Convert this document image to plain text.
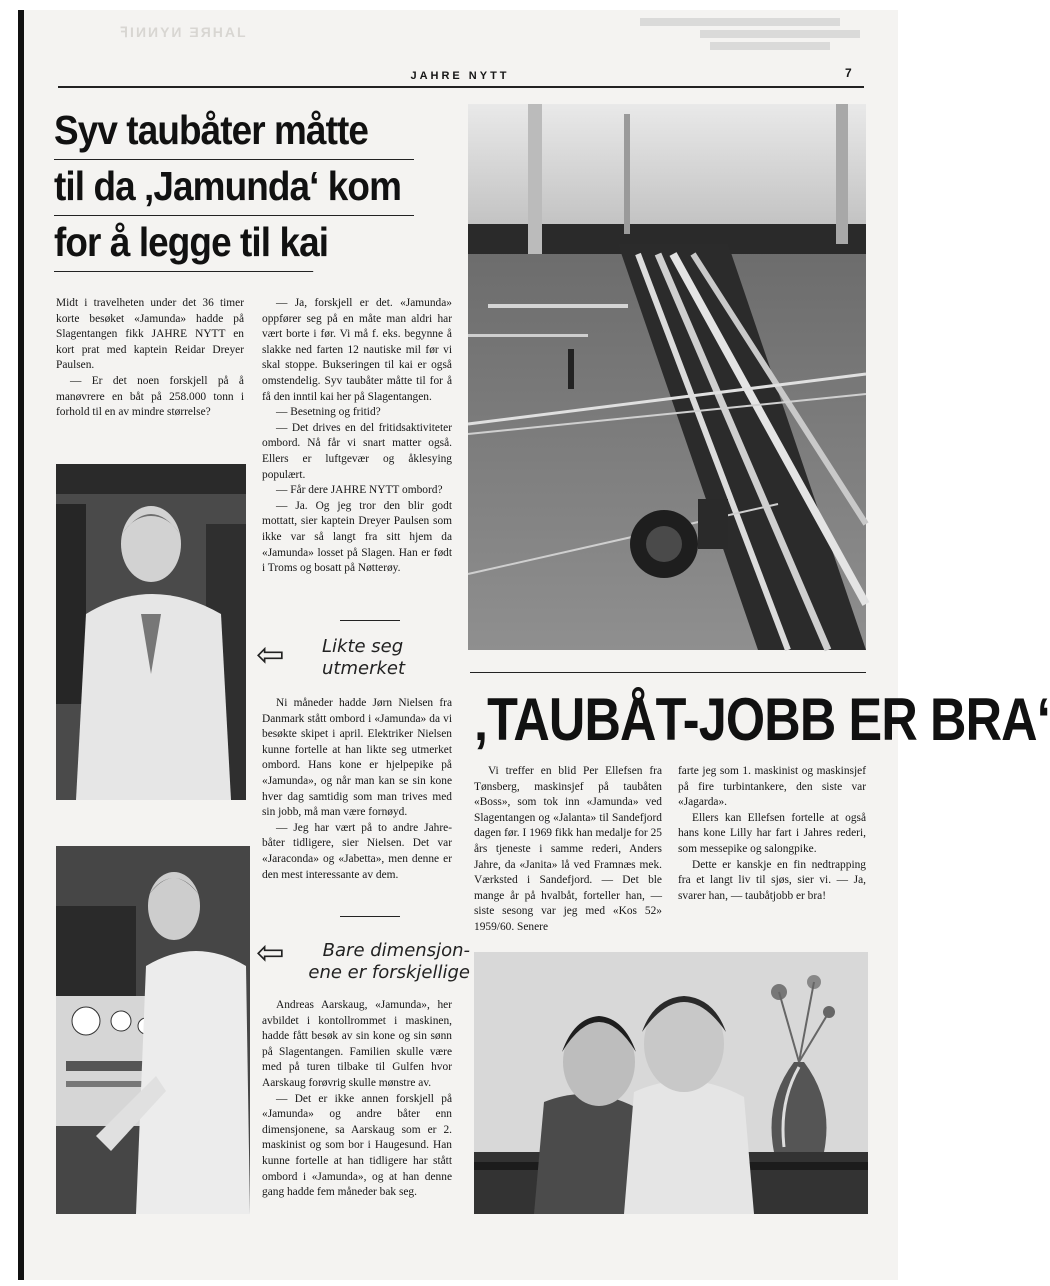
ꟻIИИYИ ƎЯHAL
JAHRE NYTT	7
Syv taubåter måtte
til da ‚Jamunda‘ kom
for å legge til kai

Midt i travelheten under det 36 timer korte besøket «Jamunda» hadde på Slagentangen fikk JAHRE NYTT en kort prat med kaptein Reidar Dreyer Paulsen.

— Er det noen forskjell på å manøvrere en båt på 258.000 tonn i forhold til en av mindre størrelse?

— Ja, forskjell er det. «Jamunda» oppfører seg på en måte man aldri har vært borte i før. Vi må f. eks. begynne å slakke ned farten 12 nautiske mil før vi skal stoppe. Bukseringen til kai er også omstendelig. Syv taubåter måtte til for å få den inntil kai her på Slagentangen.

— Besetning og fritid?

— Det drives en del fritidsaktiviteter ombord. Nå får vi snart matter også. Ellers er luftgevær og åklesying populært.

— Får dere JAHRE NYTT ombord?

— Ja. Og jeg tror den blir godt mottatt, sier kaptein Dreyer Paulsen som ikke var så langt fra sitt hjem da «Jamunda» losset på Slagen. Han er født i Troms og bosatt på Nøtterøy.

⇦ Likte seg
utmerket

Ni måneder hadde Jørn Nielsen fra Danmark stått ombord i «Jamunda» da vi besøkte skipet i april. Elektriker Nielsen kunne fortelle at han likte seg utmerket ombord. Hans kone er hjelpepike på «Jamunda», og når man kan se sin kone hver dag samtidig som man trives med sin jobb, må man være fornøyd.

— Jeg har vært på to andre Jahre-båter tidligere, sier Nielsen. Det var «Jaraconda» og «Jabetta», men denne er den mest interessante av dem.

⇦	Bare dimensjon-
ene er forskjellige

Andreas Aarskaug, «Jamunda», her avbildet i kontollrommet i maskinen, hadde fått besøk av sin kone og sin sønn på Slagentangen. Familien skulle være med på turen tilbake til Gulfen hvor Aarskaug forøvrig skulle mønstre av.

— Det er ikke annen forskjell på «Jamunda» og andre båter enn dimensjonene, sa Aarskaug som er 2. maskinist og som bor i Haugesund. Han kunne fortelle at han tidligere har stått ombord i «Jamunda», og at han denne gang hadde fem måneder bak seg.

‚TAUBÅT-JOBB ER BRA‘

Vi treffer en blid Per Ellefsen fra Tønsberg, maskinsjef på taubåten «Boss», som tok inn «Jamunda» ved Slagentangen og «Jalanta» til Sandefjord dagen før. I 1969 fikk han medalje for 25 års tjeneste i samme rederi, Anders Jahre, da «Janita» lå ved Framnæs mek. Værksted i Sandefjord. — Det ble mange år på hvalbåt, forteller han, — siste sesong var jeg med «Kos 52» 1959/60. Senere

farte jeg som 1. maskinist og maskinsjef på fire turbintankere, den siste var «Jagarda».

Ellers kan Ellefsen fortelle at også hans kone Lilly har fart i Jahres rederi, som messepike og salongpike.

Dette er kanskje en fin nedtrapping fra et langt liv til sjøs, sier vi. — Ja, svarer han, — taubåtjobb er bra!
